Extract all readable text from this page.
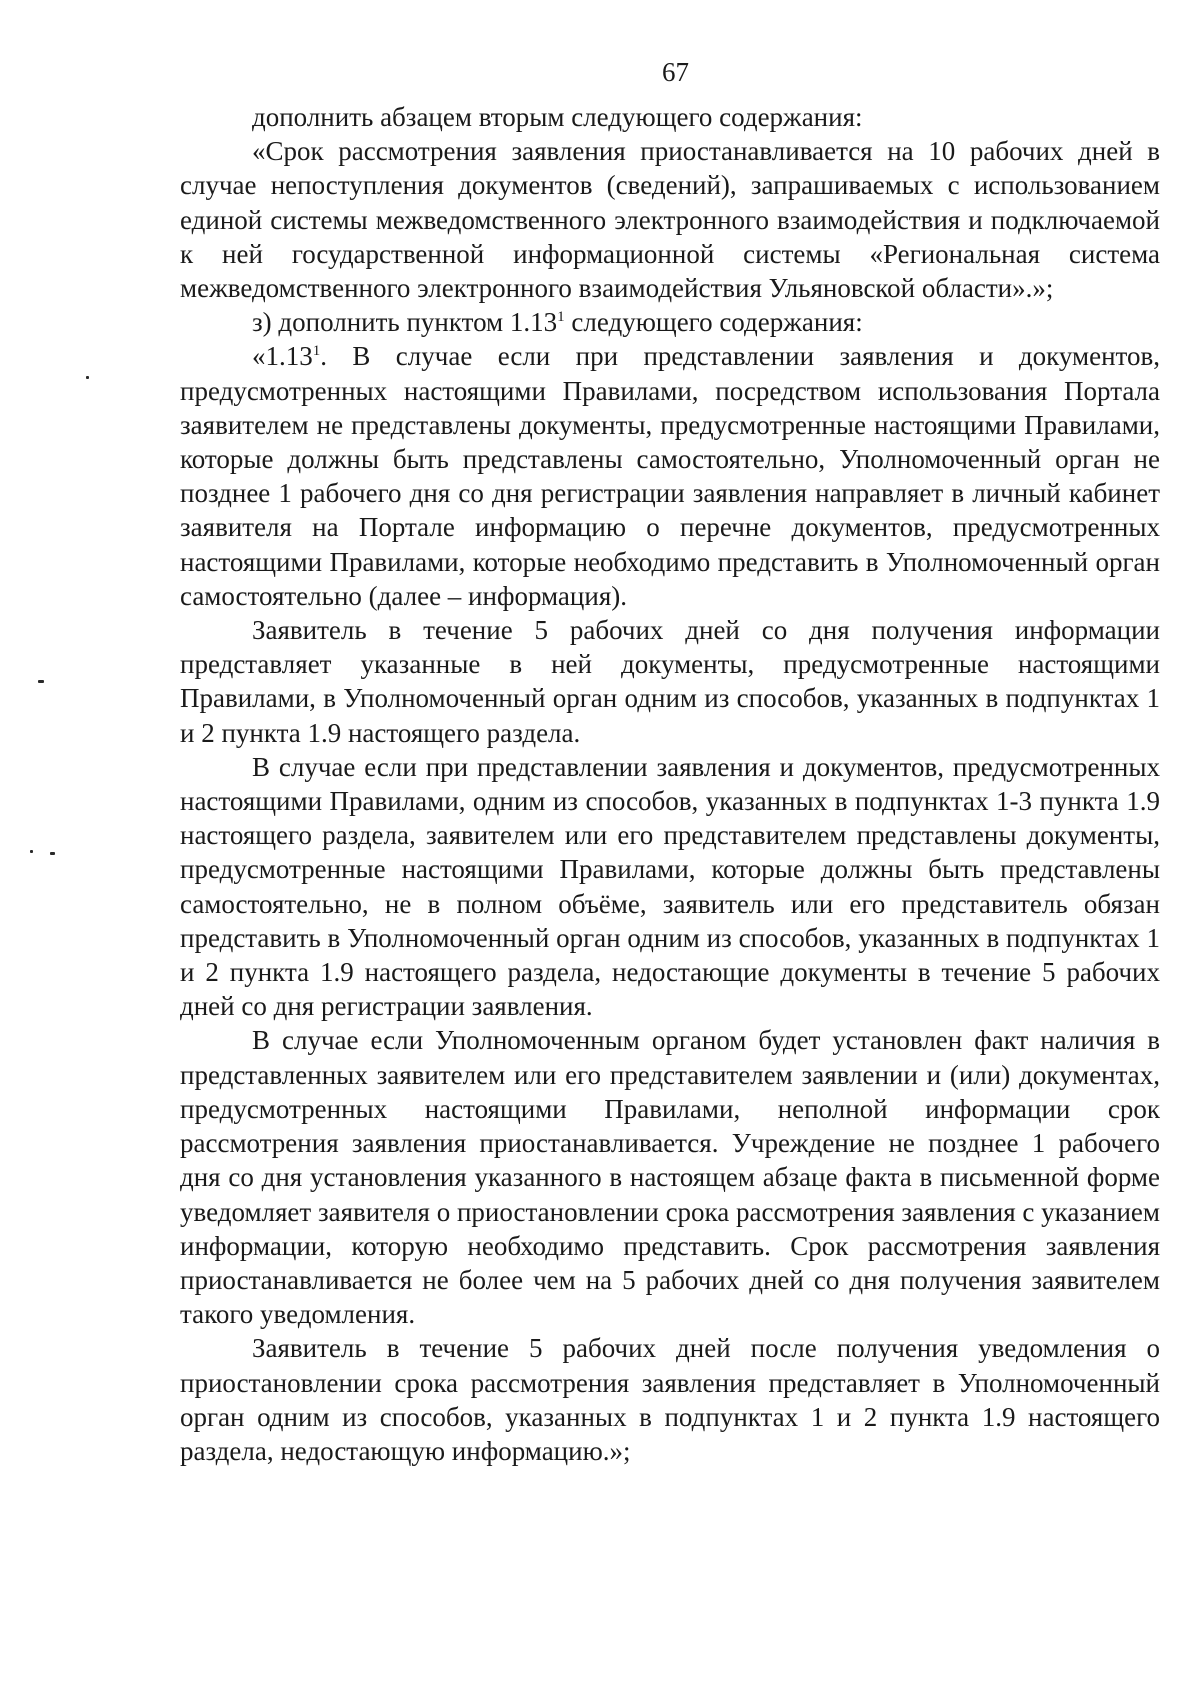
67

дополнить абзацем вторым следующего содержания:

«Срок рассмотрения заявления приостанавливается на 10 рабочих дней в случае непоступления документов (сведений), запрашиваемых с использованием единой системы межведомственного электронного взаимодействия и подключаемой к ней государственной информационной системы «Региональная система межведомственного электронного взаимодействия Ульяновской области».»;

з) дополнить пунктом 1.13$^1$ следующего содержания:

«1.13$^1$. В случае если при представлении заявления и документов, предусмотренных настоящими Правилами, посредством использования Портала заявителем не представлены документы, предусмотренные настоящими Правилами, которые должны быть представлены самостоятельно, Уполномоченный орган не позднее 1 рабочего дня со дня регистрации заявления направляет в личный кабинет заявителя на Портале информацию о перечне документов, предусмотренных настоящими Правилами, которые необходимо представить в Уполномоченный орган самостоятельно (далее – информация).

Заявитель в течение 5 рабочих дней со дня получения информации представляет указанные в ней документы, предусмотренные настоящими Правилами, в Уполномоченный орган одним из способов, указанных в подпунктах 1 и 2 пункта 1.9 настоящего раздела.

В случае если при представлении заявления и документов, предусмотренных настоящими Правилами, одним из способов, указанных в подпунктах 1-3 пункта 1.9 настоящего раздела, заявителем или его представителем представлены документы, предусмотренные настоящими Правилами, которые должны быть представлены самостоятельно, не в полном объёме, заявитель или его представитель обязан представить в Уполномоченный орган одним из способов, указанных в подпунктах 1 и 2 пункта 1.9 настоящего раздела, недостающие документы в течение 5 рабочих дней со дня регистрации заявления.

В случае если Уполномоченным органом будет установлен факт наличия в представленных заявителем или его представителем заявлении и (или) документах, предусмотренных настоящими Правилами, неполной информации срок рассмотрения заявления приостанавливается. Учреждение не позднее 1 рабочего дня со дня установления указанного в настоящем абзаце факта в письменной форме уведомляет заявителя о приостановлении срока рассмотрения заявления с указанием информации, которую необходимо представить. Срок рассмотрения заявления приостанавливается не более чем на 5 рабочих дней со дня получения заявителем такого уведомления.

Заявитель в течение 5 рабочих дней после получения уведомления о приостановлении срока рассмотрения заявления представляет в Уполномоченный орган одним из способов, указанных в подпунктах 1 и 2 пункта 1.9 настоящего раздела, недостающую информацию.»;
